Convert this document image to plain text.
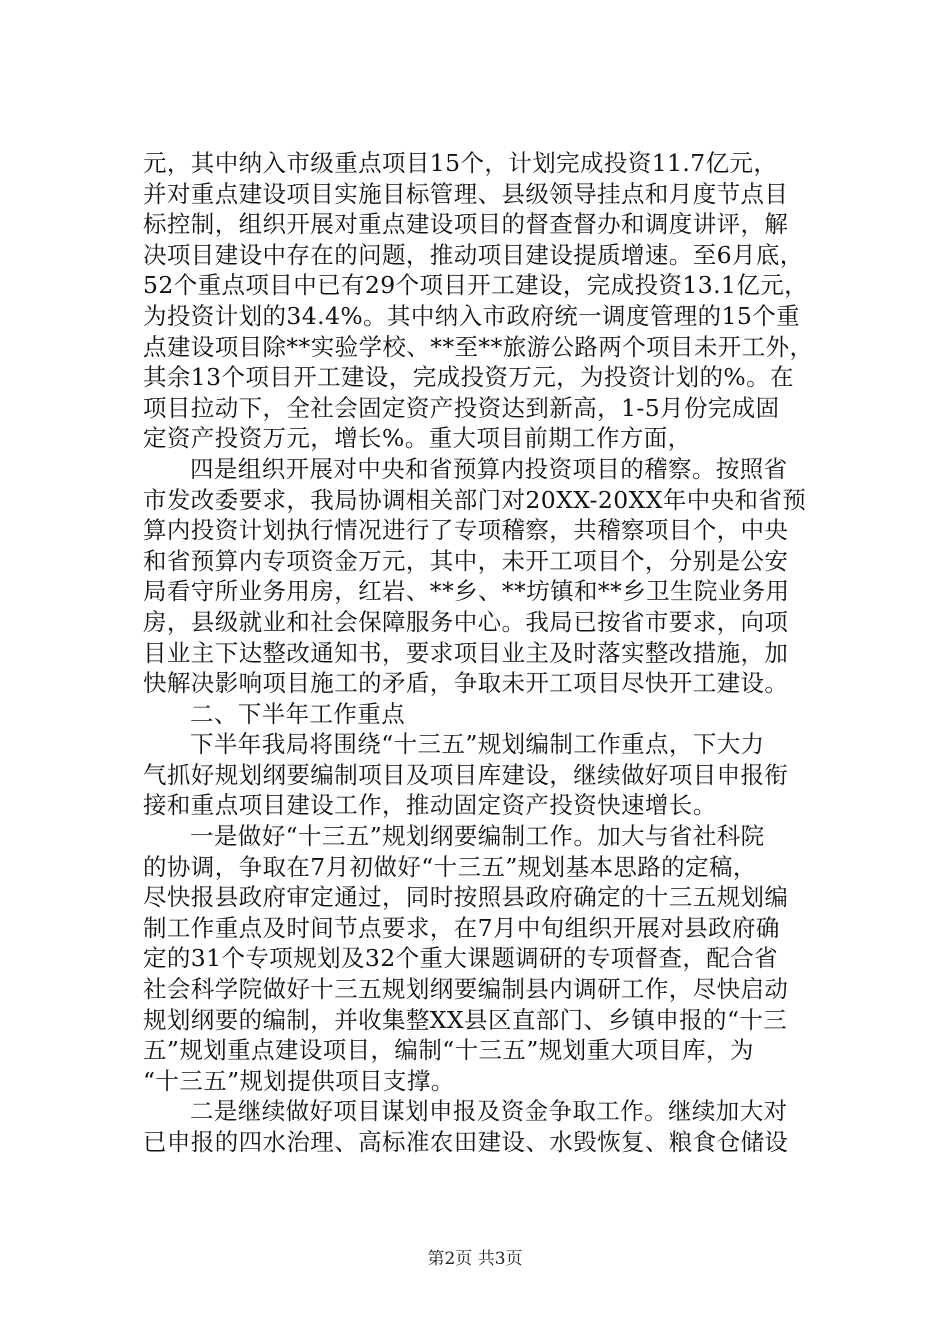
元，其中纳入市级重点项目15个，计划完成投资11.7亿元，
并对重点建设项目实施目标管理、县级领导挂点和月度节点目
标控制，组织开展对重点建设项目的督查督办和调度讲评，解
决项目建设中存在的问题，推动项目建设提质增速。至6月底，
52个重点项目中已有29个项目开工建设，完成投资13.1亿元，
为投资计划的34.4%。其中纳入市政府统一调度管理的15个重
点建设项目除**实验学校、**至**旅游公路两个项目未开工外，
其余13个项目开工建设，完成投资万元，为投资计划的%。在
项目拉动下，全社会固定资产投资达到新高，1-5月份完成固
定资产投资万元，增长%。重大项目前期工作方面，
四是组织开展对中央和省预算内投资项目的稽察。按照省
市发改委要求，我局协调相关部门对20XX-20XX年中央和省预
算内投资计划执行情况进行了专项稽察，共稽察项目个，中央
和省预算内专项资金万元，其中，未开工项目个，分别是公安
局看守所业务用房，红岩、**乡、**坊镇和**乡卫生院业务用
房，县级就业和社会保障服务中心。我局已按省市要求，向项
目业主下达整改通知书，要求项目业主及时落实整改措施，加
快解决影响项目施工的矛盾，争取未开工项目尽快开工建设。
二、下半年工作重点
下半年我局将围绕“十三五”规划编制工作重点，下大力
气抓好规划纲要编制项目及项目库建设，继续做好项目申报衔
接和重点项目建设工作，推动固定资产投资快速增长。
一是做好“十三五”规划纲要编制工作。加大与省社科院
的协调，争取在7月初做好“十三五”规划基本思路的定稿，
尽快报县政府审定通过，同时按照县政府确定的十三五规划编
制工作重点及时间节点要求，在7月中旬组织开展对县政府确
定的31个专项规划及32个重大课题调研的专项督查，配合省
社会科学院做好十三五规划纲要编制县内调研工作，尽快启动
规划纲要的编制，并收集整XX县区直部门、乡镇申报的“十三
五”规划重点建设项目，编制“十三五”规划重大项目库，为
“十三五”规划提供项目支撑。
二是继续做好项目谋划申报及资金争取工作。继续加大对
已申报的四水治理、高标准农田建设、水毁恢复、粮食仓储设
第2页 共3页
